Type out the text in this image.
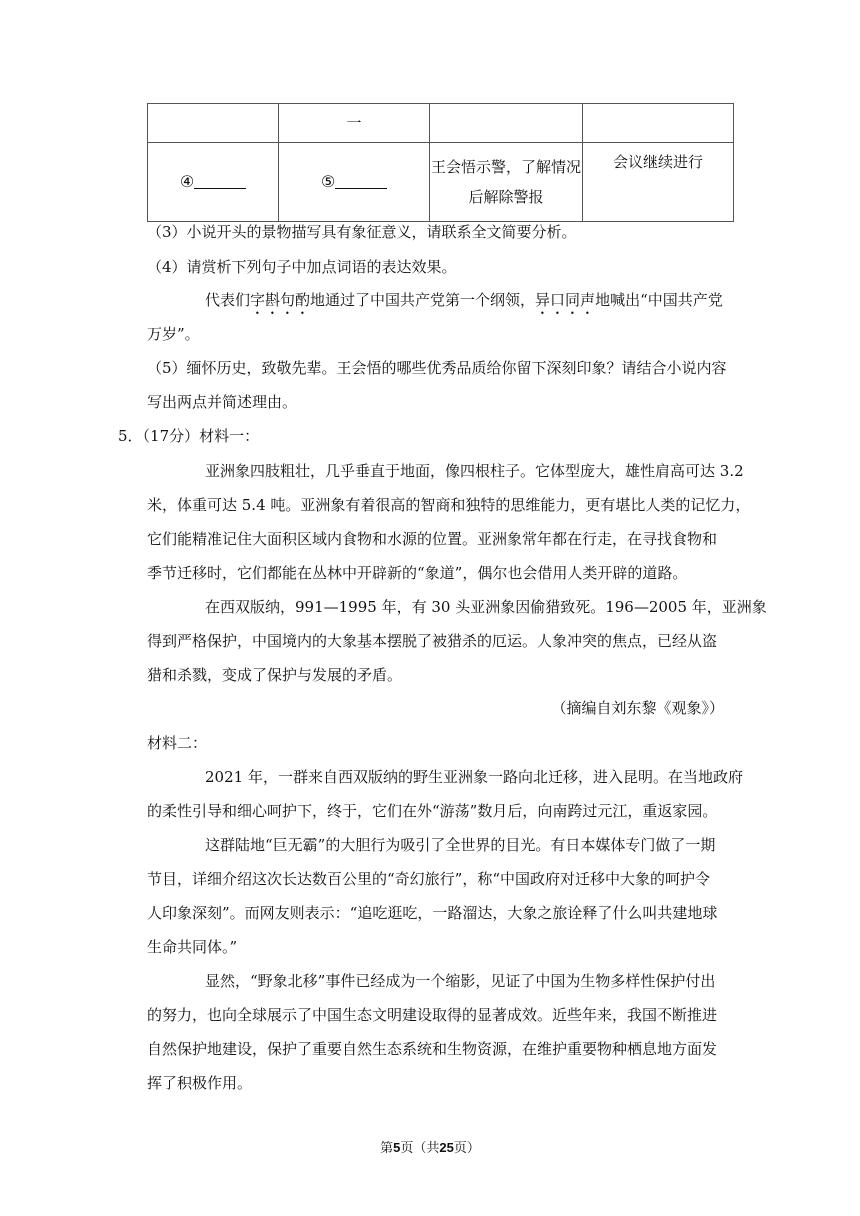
	一		
④	⑤	王会悟示警，了解情况
后解除警报	会议继续进行
（3）小说开头的景物描写具有象征意义，请联系全文简要分析。
（4）请赏析下列句子中加点词语的表达效果。
代表们字斟句酌地通过了中国共产党第一个纲领，异口同声地喊出“中国共产党
万岁”。
（5）缅怀历史，致敬先辈。王会悟的哪些优秀品质给你留下深刻印象？请结合小说内容
写出两点并简述理由。
5．（17分）材料一：
亚洲象四肢粗壮，几乎垂直于地面，像四根柱子。它体型庞大，雄性肩高可达 3.2
米，体重可达 5.4 吨。亚洲象有着很高的智商和独特的思维能力，更有堪比人类的记忆力，
它们能精准记住大面积区域内食物和水源的位置。亚洲象常年都在行走，在寻找食物和
季节迁移时，它们都能在丛林中开辟新的“象道”，偶尔也会借用人类开辟的道路。
在西双版纳，991—1995 年，有 30 头亚洲象因偷猎致死。196—2005 年，亚洲象
得到严格保护，中国境内的大象基本摆脱了被猎杀的厄运。人象冲突的焦点，已经从盗
猎和杀戮，变成了保护与发展的矛盾。
（摘编自刘东黎《观象》）
材料二：
2021 年，一群来自西双版纳的野生亚洲象一路向北迁移，进入昆明。在当地政府
的柔性引导和细心呵护下，终于，它们在外“游荡”数月后，向南跨过元江，重返家园。
这群陆地“巨无霸”的大胆行为吸引了全世界的目光。有日本媒体专门做了一期
节目，详细介绍这次长达数百公里的“奇幻旅行”，称“中国政府对迁移中大象的呵护令
人印象深刻”。而网友则表示：“追吃逛吃，一路溜达，大象之旅诠释了什么叫共建地球
生命共同体。”
显然，“野象北移”事件已经成为一个缩影，见证了中国为生物多样性保护付出
的努力，也向全球展示了中国生态文明建设取得的显著成效。近些年来，我国不断推进
自然保护地建设，保护了重要自然生态系统和生物资源，在维护重要物种栖息地方面发
挥了积极作用。
第5页（共25页）
